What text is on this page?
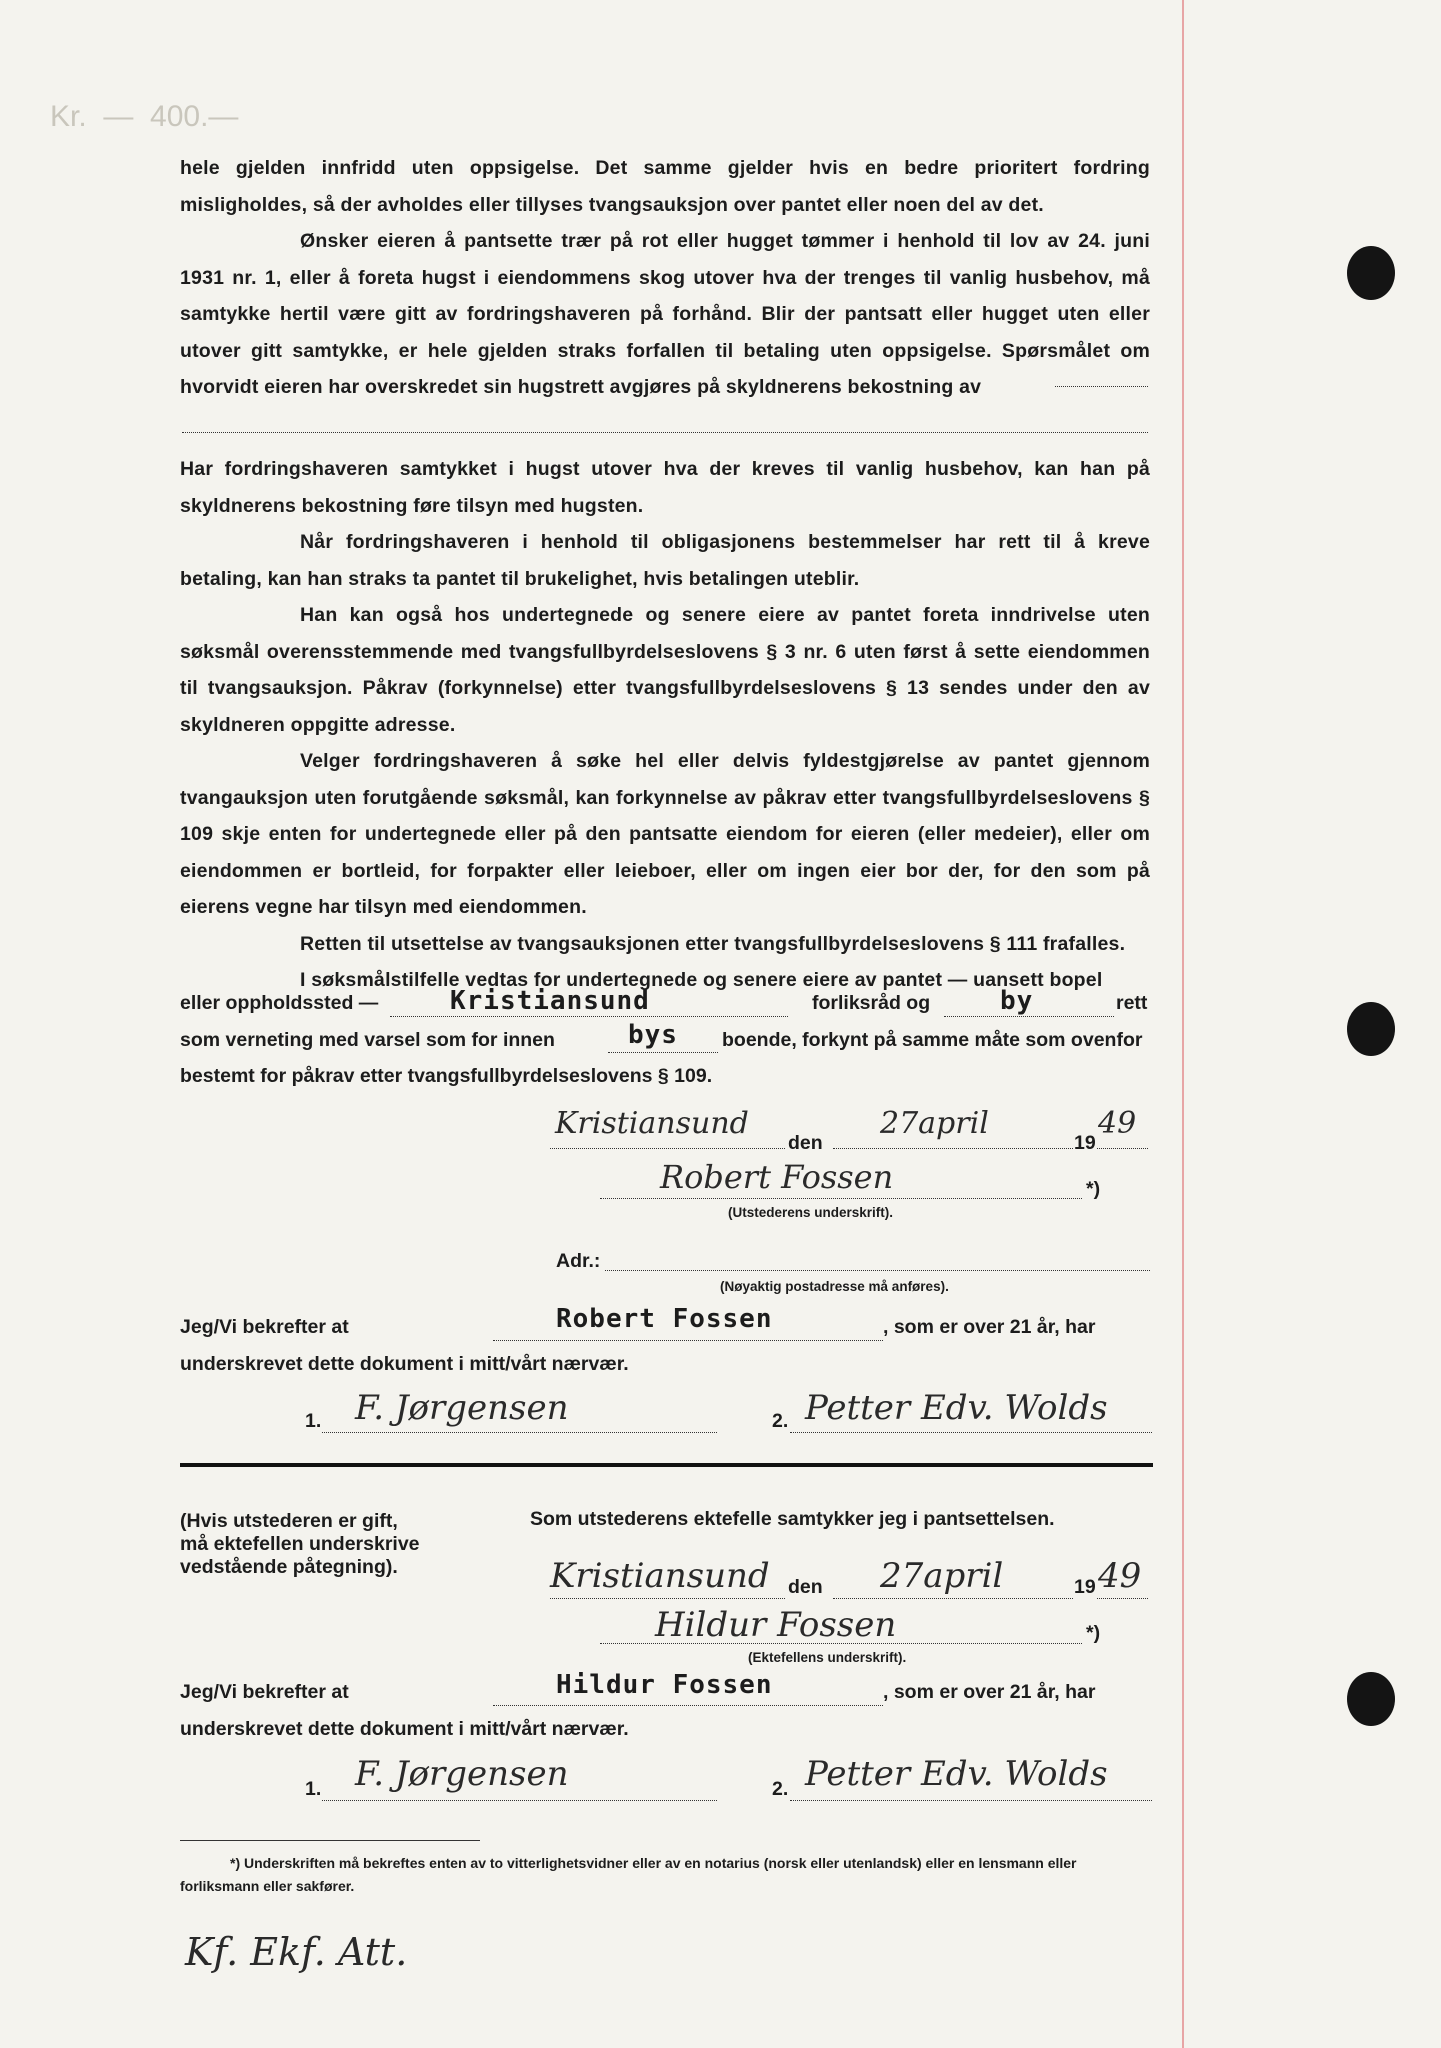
Kr.  —  400.—

hele gjelden innfridd uten oppsigelse. Det samme gjelder hvis en bedre prioritert fordring misligholdes, så der avholdes eller tillyses tvangsauksjon over pantet eller noen del av det.

Ønsker eieren å pantsette trær på rot eller hugget tømmer i henhold til lov av 24. juni 1931 nr. 1, eller å foreta hugst i eiendommens skog utover hva der trenges til vanlig husbehov, må samtykke hertil være gitt av fordringshaveren på forhånd. Blir der pantsatt eller hugget uten eller utover gitt samtykke, er hele gjelden straks forfallen til betaling uten oppsigelse. Spørsmålet om hvorvidt eieren har overskredet sin hugstrett avgjøres på skyldnerens bekostning av

Har fordringshaveren samtykket i hugst utover hva der kreves til vanlig husbehov, kan han på skyldnerens bekostning føre tilsyn med hugsten.

Når fordringshaveren i henhold til obligasjonens bestemmelser har rett til å kreve betaling, kan han straks ta pantet til brukelighet, hvis betalingen uteblir.

Han kan også hos undertegnede og senere eiere av pantet foreta inndrivelse uten søksmål overensstemmende med tvangsfullbyrdelseslovens § 3 nr. 6 uten først å sette eiendommen til tvangsauksjon. Påkrav (forkynnelse) etter tvangsfullbyrdelseslovens § 13 sendes under den av skyldneren oppgitte adresse.

Velger fordringshaveren å søke hel eller delvis fyldestgjørelse av pantet gjennom tvangauksjon uten forutgående søksmål, kan forkynnelse av påkrav etter tvangsfullbyrdelseslovens § 109 skje enten for undertegnede eller på den pantsatte eiendom for eieren (eller medeier), eller om eiendommen er bortleid, for forpakter eller leieboer, eller om ingen eier bor der, for den som på eierens vegne har tilsyn med eiendommen.

Retten til utsettelse av tvangsauksjonen etter tvangsfullbyrdelseslovens § 111 frafalles.

I søksmålstilfelle vedtas for undertegnede og senere eiere av pantet — uansett bopel

eller oppholdssted —	Kristiansund	forliksråd og	by	rett
som verneting med varsel som for innen	bys boende, forkynt på samme måte som ovenfor
bestemt for påkrav etter tvangsfullbyrdelseslovens § 109.
Kristiansund
den
27april
19
49
Robert Fossen	*)
(Utstederens underskrift).
Adr.:
(Nøyaktig postadresse må anføres).
Jeg/Vi bekrefter at	Robert Fossen	, som er over 21 år, har
underskrevet dette dokument i mitt/vårt nærvær.
1. F. Jørgensen	2. Petter Edv. Wolds
(Hvis utstederen er gift, må ektefellen underskrive vedstående påtegning).
Som utstederens ektefelle samtykker jeg i pantsettelsen.
Kristiansund den 27april	19 49
Hildur Fossen	*)
(Ektefellens underskrift).
Jeg/Vi bekrefter at	Hildur Fossen	, som er over 21 år, har
underskrevet dette dokument i mitt/vårt nærvær.
1. F. Jørgensen	2. Petter Edv. Wolds
*) Underskriften må bekreftes enten av to vitterlighetsvidner eller av en notarius (norsk eller utenlandsk) eller en lensmann eller forliksmann eller sakfører.
Kf. Ekf. Att.
